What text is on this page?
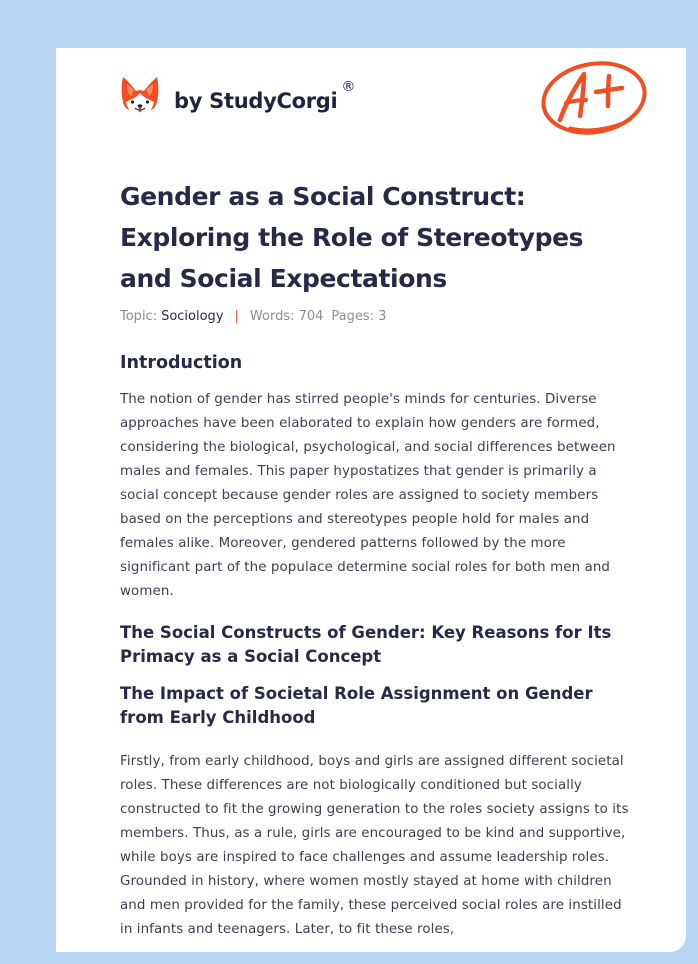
by StudyCorgi
®
Gender as a Social Construct: Exploring the Role of Stereotypes and Social Expectations
Topic: Sociology | Words: 704 Pages: 3
Introduction

The notion of gender has stirred people's minds for centuries. Diverse approaches have been elaborated to explain how genders are formed, considering the biological, psychological, and social differences between males and females. This paper hypostatizes that gender is primarily a social concept because gender roles are assigned to society members based on the perceptions and stereotypes people hold for males and females alike. Moreover, gendered patterns followed by the more significant part of the populace determine social roles for both men and women.

The Social Constructs of Gender: Key Reasons for Its Primacy as a Social Concept
The Impact of Societal Role Assignment on Gender from Early Childhood

Firstly, from early childhood, boys and girls are assigned different societal roles. These differences are not biologically conditioned but socially constructed to fit the growing generation to the roles society assigns to its members. Thus, as a rule, girls are encouraged to be kind and supportive, while boys are inspired to face challenges and assume leadership roles. Grounded in history, where women mostly stayed at home with children and men provided for the family, these perceived social roles are instilled in infants and teenagers. Later, to fit these roles,
